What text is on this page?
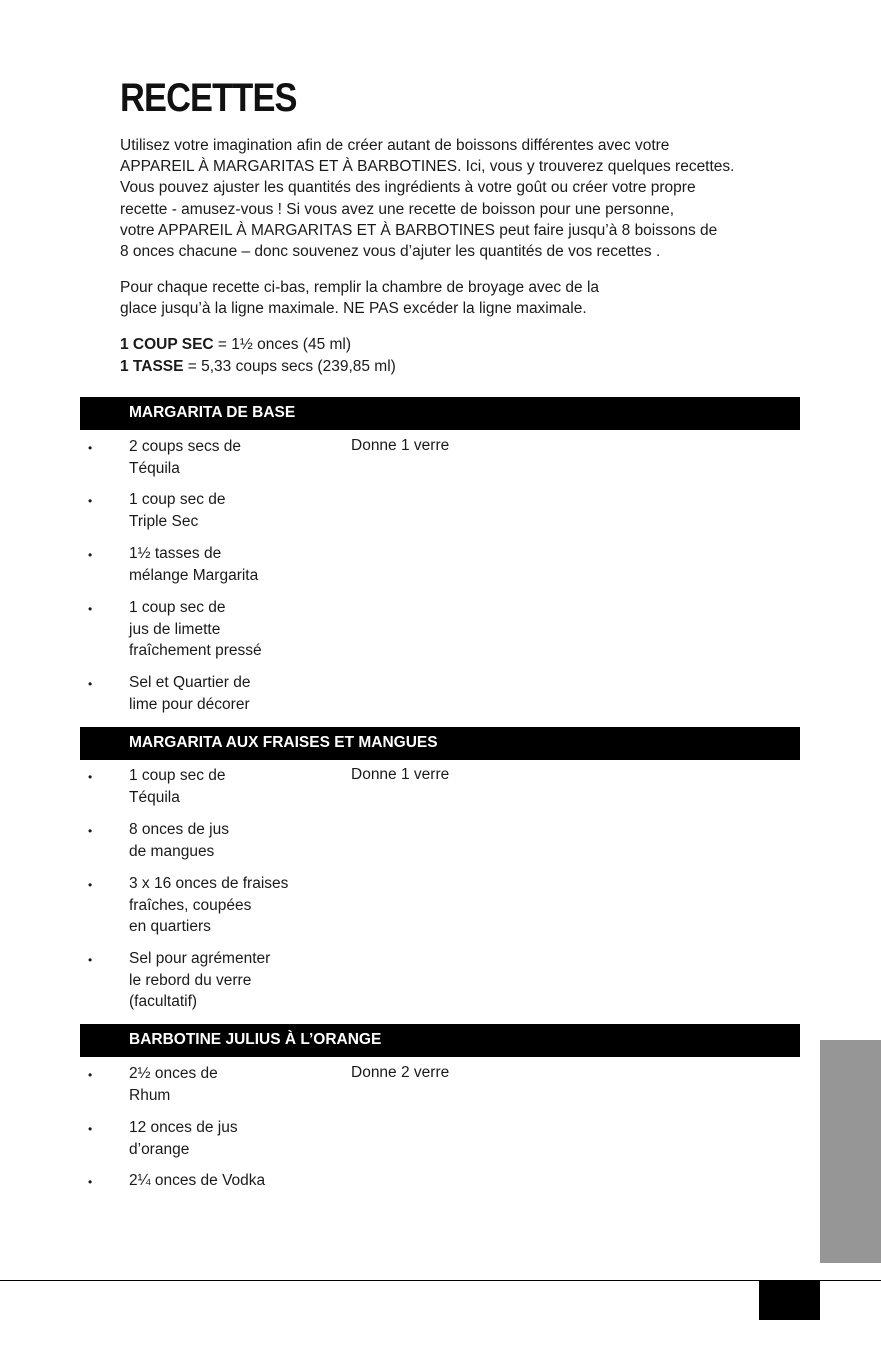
RECETTES

Utilisez votre imagination afin de créer autant de boissons différentes avec votre

APPAREIL À MARGARITAS ET À BARBOTINES. Ici, vous y trouverez quelques recettes.

Vous pouvez ajuster les quantités des ingrédients à votre goût ou créer votre propre

recette - amusez-vous ! Si vous avez une recette de boisson pour une personne,

votre APPAREIL À MARGARITAS ET À BARBOTINES peut faire jusqu’à 8 boissons de

8 onces chacune – donc souvenez vous d’ajuter les quantités de vos recettes .

Pour chaque recette ci-bas, remplir la chambre de broyage avec de la

glace jusqu’à la ligne maximale. NE PAS excéder la ligne maximale.

1 COUP SEC = 1½ onces (45 ml)
1 TASSE = 5,33 coups secs (239,85 ml)
MARGARITA DE BASE
Donne 1 verre
• 2 coups secs de
Téquila
• 1 coup sec de
Triple Sec
• 1½ tasses de
mélange Margarita
• 1 coup sec de
jus de limette
fraîchement pressé
• Sel et Quartier de
lime pour décorer
MARGARITA AUX FRAISES ET MANGUES
Donne 1 verre
• 1 coup sec de
Téquila
• 8 onces de jus
de mangues
• 3 x 16 onces de fraises
fraîches, coupées
en quartiers
• Sel pour agrémenter
le rebord du verre
(facultatif)
BARBOTINE JULIUS À L’ORANGE
Donne 2 verre
• 2½ onces de
Rhum
• 12 onces de jus
d’orange
• 2¼ onces de Vodka
